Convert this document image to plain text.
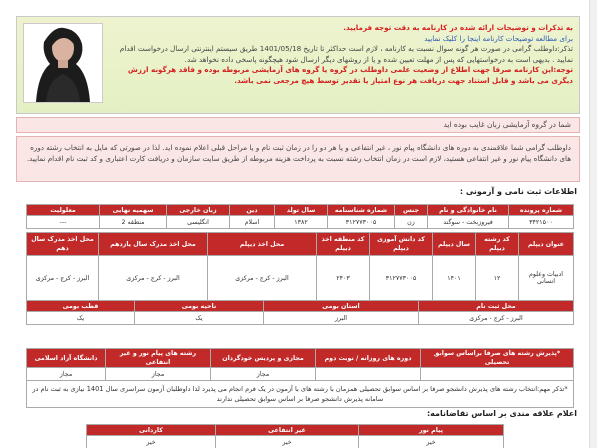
به تذکرات و توضیحات ارائه شده در کارنامه به دقت توجه فرمایید.
برای مطالعه توضیحات کارنامه اینجا را کلیک نمایید
تذکر:داوطلب گرامی در صورت هر گونه سوال نسبت به کارنامه ، لازم است حداکثر تا تاریخ 1401/05/18 طریق سیستم اینترنتی ارسال درخواست اقدام نمایید . بدیهی است به درخواستهایی که پس از مهلت تعیین شده و یا از روشهای دیگر ارسال شود هیچگونه پاسخی داده نخواهد شد.
توجه:این کارنامه صرفا جهت اطلاع از وضعیت علمی داوطلب در گروه یا گروه های آزمایشی مربوطه بوده و فاقد هرگونه ارزش دیگری می باشد و قابل استناد جهت دریافت هر نوع امتیاز یا تقدیر توسط هیچ مرجعی نمی باشد.
شما در گروه آزمایشی زبان غایب بوده اید
داوطلب گرامی شما علاقمندی به دوره های دانشگاه پیام نور ، غیر انتفاعی و یا هر دو را در زمان ثبت نام و یا مراحل قبلی اعلام نموده اید. لذا در صورتی که مایل به انتخاب رشته دوره های دانشگاه پیام نور و غیر انتفاعی هستید، لازم است در زمان انتخاب رشته نسبت به پرداخت هزینه مربوطه از طریق سایت سازمان و دریافت کارت اعتباری و کد ثبت نام اقدام نمایید.
اطلاعات ثبت نامی و آزمونی :
شماره پرونده	نام خانوادگی و نام	جنس	شماره شناسنامه	سال تولد	دین	زبان خارجی	سهمیه نهایی	معلولیت
۳۴۲۱۵۰۰	فیروزبخت - سوگند	زن	۳۱۲۷۷۳۰۰۵	۱۳۸۲	اسلام	انگلیسی	منطقه 2	---
عنوان دیپلم	کد رشته دیپلم	سال دیپلم	کد دانش آموزی دیپلم	کد منطقه اخذ دیپلم	محل اخذ دیپلم	محل اخذ مدرک سال یازدهم	محل اخذ مدرک سال دهم
ادبیات وعلوم انسانی	۱۲	۱۴۰۱	۳۱۲۷۷۳۰۰۵	۲۴۰۳	البرز - کرج - مرکزی	البرز - کرج - مرکزی	البرز - کرج - مرکزی
محل ثبت نام	استان بومی	ناحیه بومی	قطب بومی
البرز - کرج - مرکزی	البرز	یک	یک
*پذیرش رشته های صرفا براساس سوابق تحصیلی	دوره های روزانه / نوبت دوم	مجازی و پردیس خودگردان	رشته های پیام نور و غیر انتفاعی	دانشگاه آزاد اسلامی
		مجاز	مجاز	مجاز
*تذکر مهم:انتخاب رشته های پذیرش دانشجو صرفا بر اساس سوابق تحصیلی همزمان با رشته های با آزمون در یک فرم انجام می پذیرد لذا داوطلبان آزمون سراسری سال 1401 نیازی به ثبت نام در سامانه پذیرش دانشجو صرفا بر اساس سوابق تحصیلی ندارند				
اعلام علاقه مندی بر اساس تقاضانامه:
پیام نور	غیر انتفاعی	کاردانی
خیر	خیر	خیر
